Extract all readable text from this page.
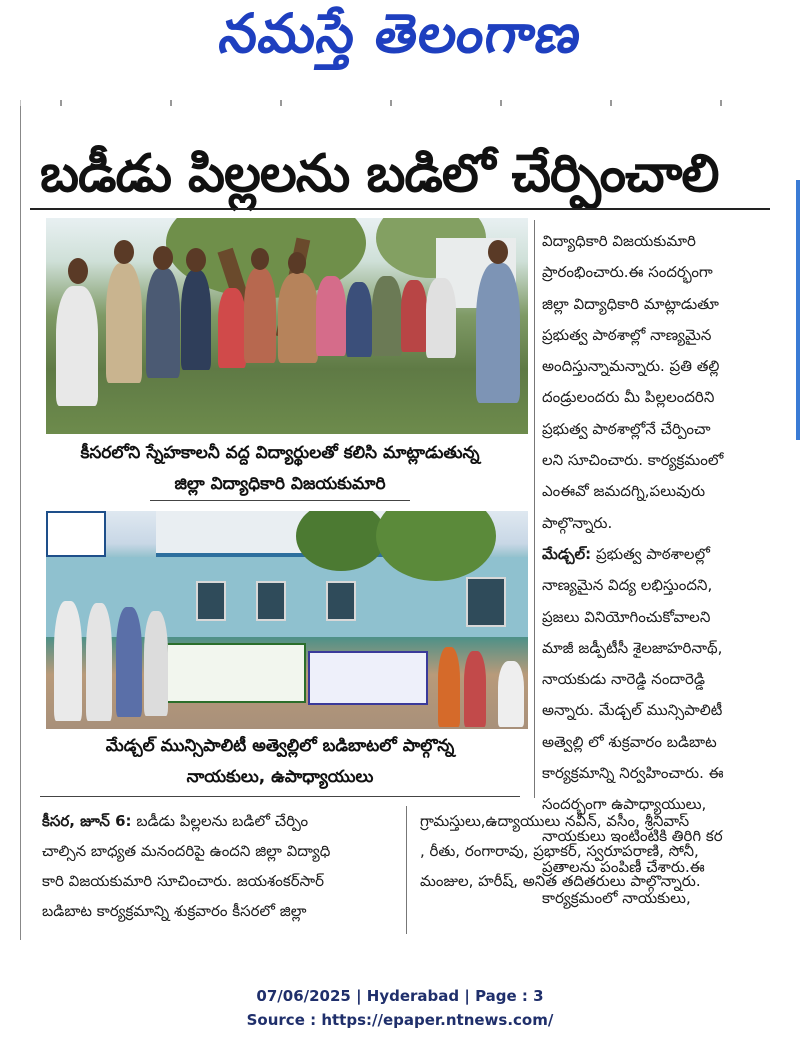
నమస్తే తెలంగాణ
బడీడు పిల్లలను బడిలో చేర్పించాలి
కీసరలోని స్నేహకాలనీ వద్ద విద్యార్థులతో కలిసి మాట్లాడుతున్న
జిల్లా విద్యాధికారి విజయకుమారి
మేడ్చల్ మున్సిపాలిటీ అత్వెల్లిలో బడిబాటలో పాల్గొన్న
నాయకులు, ఉపాధ్యాయులు

విద్యాధికారి విజయకుమారి

ప్రారంభించారు.ఈ సందర్భంగా

జిల్లా విద్యాధికారి మాట్లాడుతూ

ప్రభుత్వ పాఠశాల్లో నాణ్యమైన

అందిస్తున్నామన్నారు. ప్రతి తల్లి

దండ్రులందరు మీ పిల్లలందరిని

ప్రభుత్వ పాఠశాల్లోనే చేర్పించా

లని సూచించారు. కార్యక్రమంలో

ఎంఈవో జమదగ్ని,పలువురు

పాల్గొన్నారు.

మేడ్చల్: ప్రభుత్వ పాఠశాలల్లో

నాణ్యమైన విద్య లభిస్తుందని,

ప్రజలు వినియోగించుకోవాలని

మాజీ జడ్పీటీసీ శైలజాహరినాథ్,

నాయకుడు నారెడ్డి నందారెడ్డి

అన్నారు. మేడ్చల్ మున్సిపాలిటీ

అత్వెల్లి లో శుక్రవారం బడిబాట

కార్యక్రమాన్ని నిర్వహించారు. ఈ

సందర్భంగా ఉపాధ్యాయులు,

నాయకులు ఇంటింటికి తిరిగి కర

ప్రతాలను పంపిణీ చేశారు.ఈ

కార్యక్రమంలో నాయకులు,

కీసర, జూన్ 6: బడీడు పిల్లలను బడిలో చేర్పిం

చాల్సిన బాధ్యత మనందరిపై ఉందని జిల్లా విద్యాధి

కారి విజయకుమారి సూచించారు. జయశంకర్‌సార్

బడిబాట కార్యక్రమాన్ని శుక్రవారం కీసరలో జిల్లా

గ్రామస్తులు,ఉద్యాయులు నవీన్, వసీం, శ్రీనివాస్

, రీతు, రంగారావు, ప్రభాకర్, స్వరూపరాణి, సోనీ,

మంజుల, హరీష్, అనిత తదితరులు పాల్గొన్నారు.

07/06/2025 | Hyderabad | Page : 3
Source : https://epaper.ntnews.com/
